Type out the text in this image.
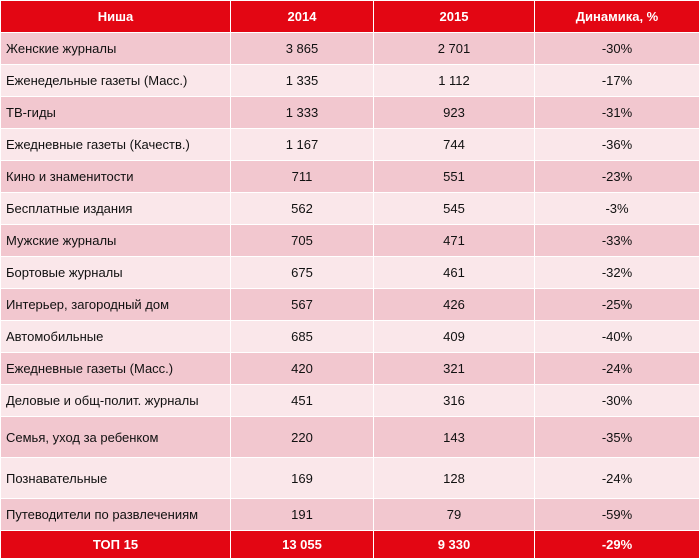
Ниша	2014	2015	Динамика, %
Женские журналы	3 865	2 701	-30%
Еженедельные газеты (Масс.)	1 335	1 112	-17%
ТВ-гиды	1 333	923	-31%
Ежедневные газеты (Качеств.)	1 167	744	-36%
Кино и знаменитости	711	551	-23%
Бесплатные издания	562	545	-3%
Мужские журналы	705	471	-33%
Бортовые журналы	675	461	-32%
Интерьер, загородный дом	567	426	-25%
Автомобильные	685	409	-40%
Ежедневные газеты (Масс.)	420	321	-24%
Деловые и общ-полит. журналы	451	316	-30%
Семья, уход за ребенком	220	143	-35%
Познавательные	169	128	-24%
Путеводители по развлечениям	191	79	-59%
ТОП 15	13 055	9 330	-29%
